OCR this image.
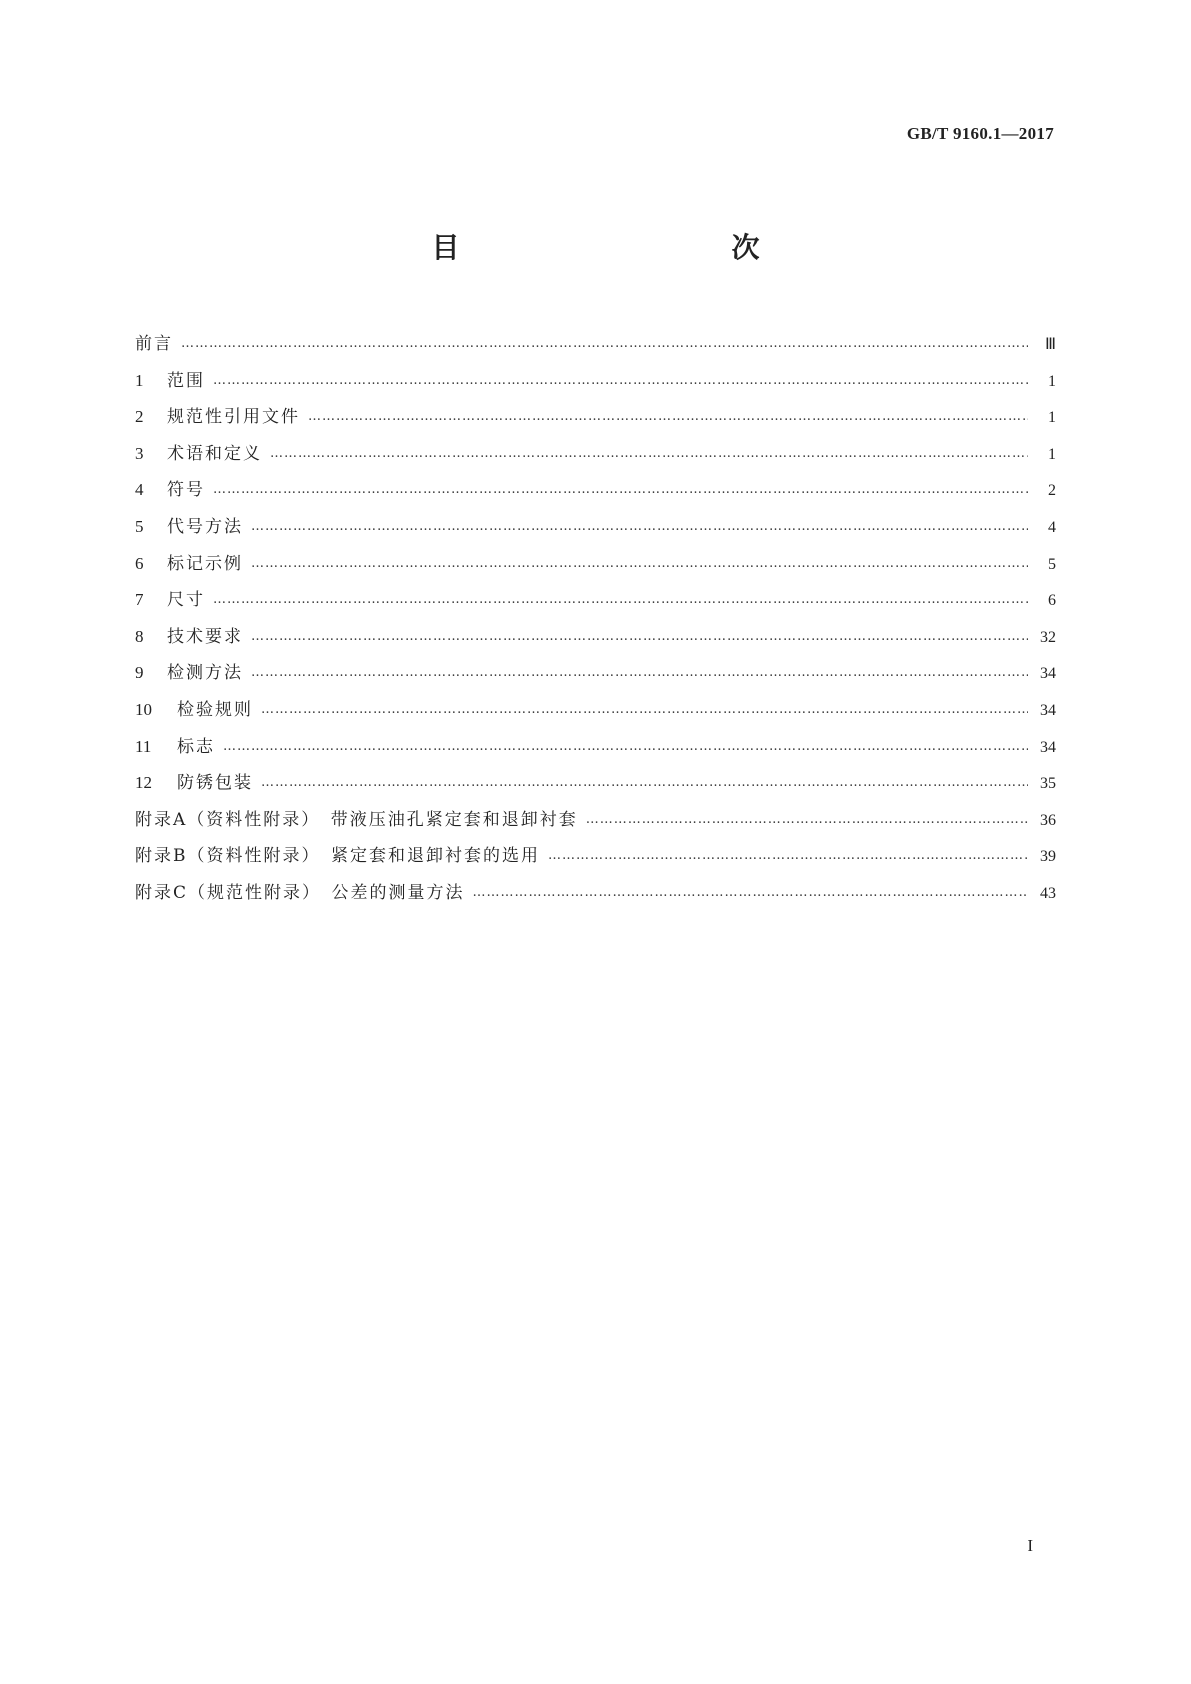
GB/T 9160.1—2017
目　　次
前言 …………………………………………………………………………………………………………………………………………………………………………………………………………	Ⅲ
1	范围 …………………………………………………………………………………………………………………………………………………………………………………………………………	1
2	规范性引用文件 …………………………………………………………………………………………………………………………………………………………………………………………………………	1
3	术语和定义 …………………………………………………………………………………………………………………………………………………………………………………………………………	1
4	符号 …………………………………………………………………………………………………………………………………………………………………………………………………………	2
5	代号方法 …………………………………………………………………………………………………………………………………………………………………………………………………………	4
6	标记示例 …………………………………………………………………………………………………………………………………………………………………………………………………………	5
7	尺寸 …………………………………………………………………………………………………………………………………………………………………………………………………………	6
8	技术要求 …………………………………………………………………………………………………………………………………………………………………………………………………………	32
9	检测方法 …………………………………………………………………………………………………………………………………………………………………………………………………………	34
10	检验规则 …………………………………………………………………………………………………………………………………………………………………………………………………………	34
11	标志 …………………………………………………………………………………………………………………………………………………………………………………………………………	34
12	防锈包装 …………………………………………………………………………………………………………………………………………………………………………………………………………	35
附录A（资料性附录）　带液压油孔紧定套和退卸衬套 …………………………………………………………………………………………………………………………………………………………………………………………………………	36
附录B（资料性附录）　紧定套和退卸衬套的选用 …………………………………………………………………………………………………………………………………………………………………………………………………………	39
附录C（规范性附录）　公差的测量方法 …………………………………………………………………………………………………………………………………………………………………………………………………………	43
I
